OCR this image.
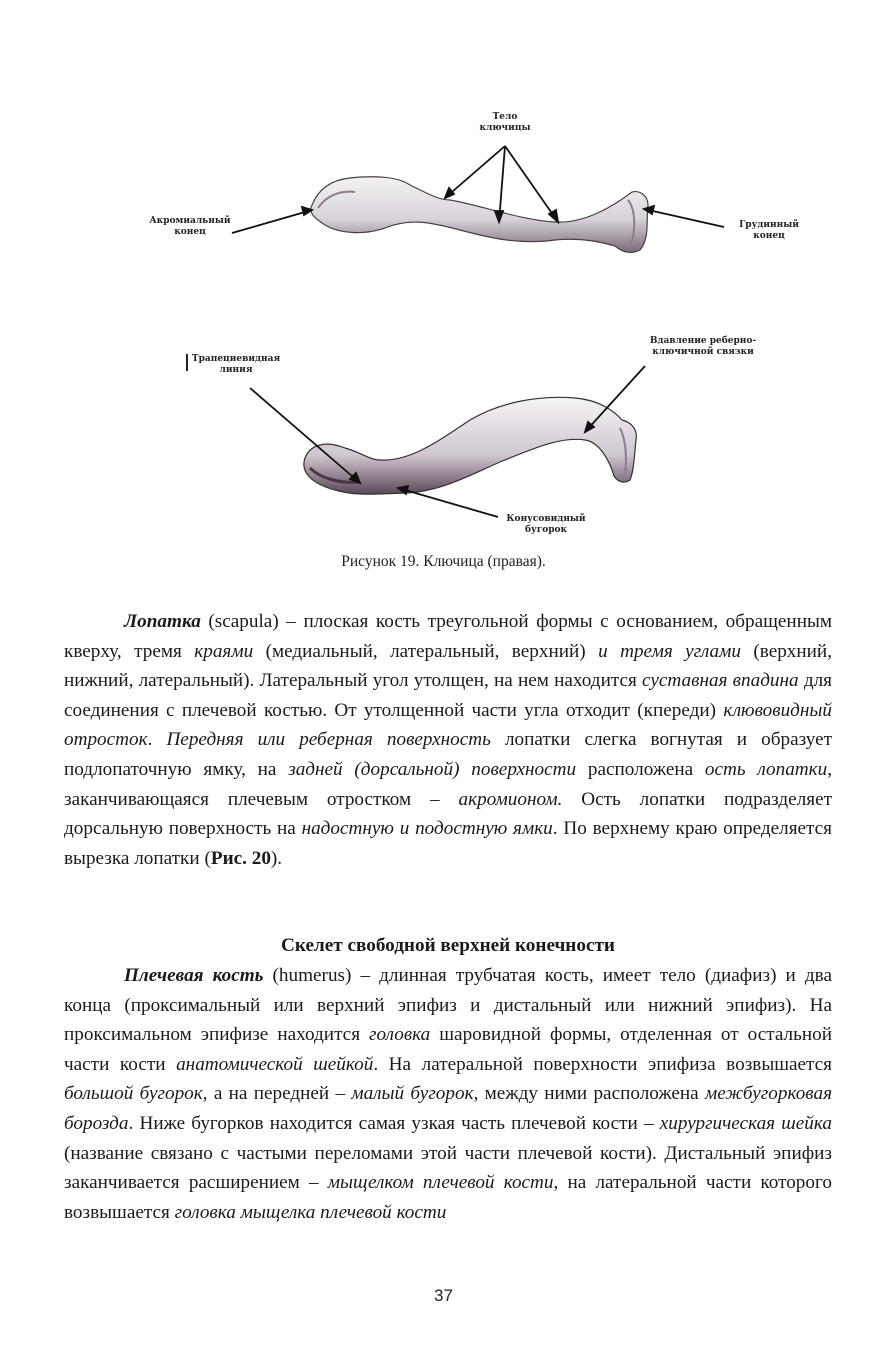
Тело ключицы
Акромиальный конец
Грудинный конец
Трапециевидная линия
Вдавление реберно-ключичной связки
Конусовидный бугорок
Рисунок 19. Ключица (правая).
Лопатка (scapula) – плоская кость треугольной формы с основанием, обращенным кверху, тремя краями (медиальный, латеральный, верхний) и тремя углами (верхний, нижний, латеральный). Латеральный угол утолщен, на нем находится суставная впадина для соединения с плечевой костью. От утолщенной части угла отходит (кпереди) клювовидный отросток. Передняя или реберная поверхность лопатки слегка вогнутая и образует подлопаточную ямку, на задней (дорсальной) поверхности расположена ость лопатки, заканчивающаяся плечевым отростком – акромионом. Ость лопатки подразделяет дорсальную поверхность на надостную и подостную ямки. По верхнему краю определяется вырезка лопатки (Рис. 20).
Скелет свободной верхней конечности
Плечевая кость (humerus) – длинная трубчатая кость, имеет тело (диафиз) и два конца (проксимальный или верхний эпифиз и дистальный или нижний эпифиз). На проксимальном эпифизе находится головка шаровидной формы, отделенная от остальной части кости анатомической шейкой. На латеральной поверхности эпифиза возвышается большой бугорок, а на передней – малый бугорок, между ними расположена межбугорковая борозда. Ниже бугорков находится самая узкая часть плечевой кости – хирургическая шейка (название связано с частыми переломами этой части плечевой кости). Дистальный эпифиз заканчивается расширением – мыщелком плечевой кости, на латеральной части которого возвышается головка мыщелка плечевой кости
37
